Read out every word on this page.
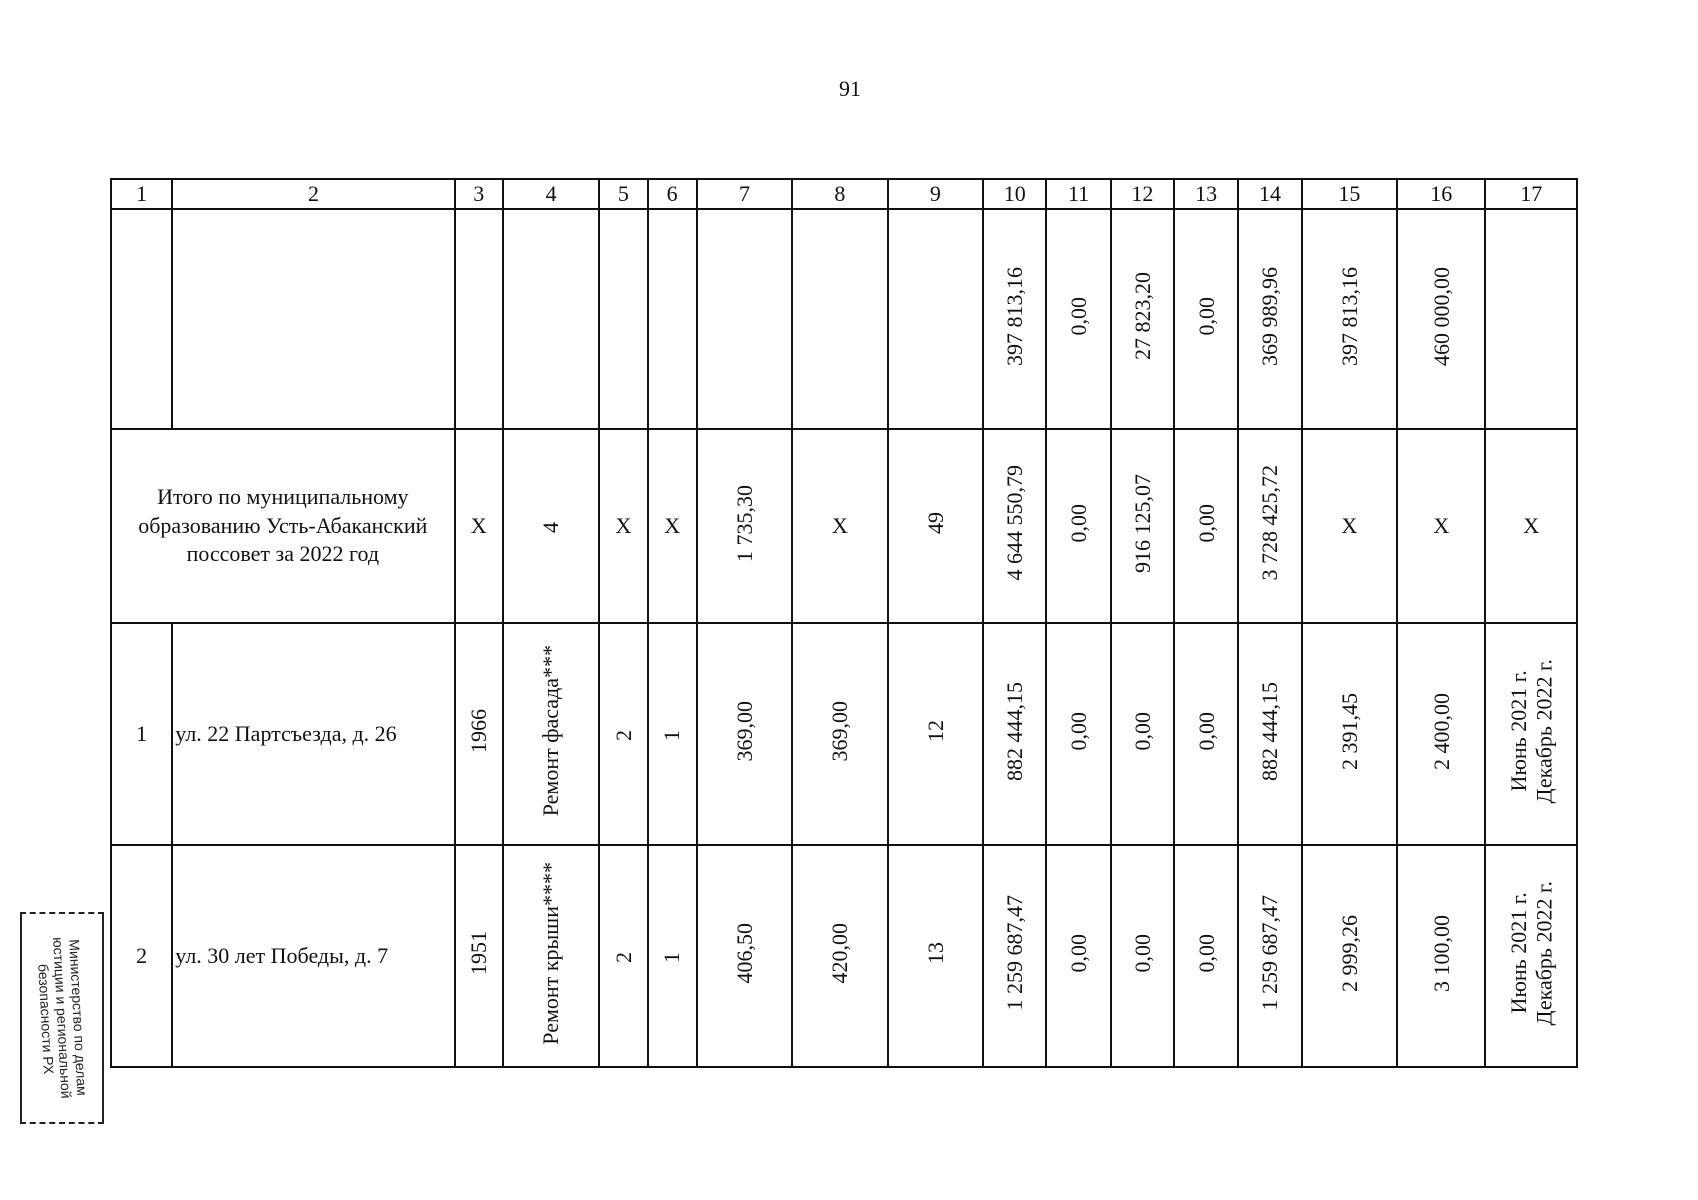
91
1	2	3	4	5	6	7	8	9	10	11	12	13	14	15	16	17
									397 813,16	0,00	27 823,20	0,00	369 989,96	397 813,16	460 000,00	
Итого по муниципальному образованию Усть-Абаканский поссовет за 2022 год		X	4	X	X	1 735,30	X	49	4 644 550,79	0,00	916 125,07	0,00	3 728 425,72	X	X	X
1	ул. 22 Партсъезда, д. 26	1966	Ремонт фасада***	2	1	369,00	369,00	12	882 444,15	0,00	0,00	0,00	882 444,15	2 391,45	2 400,00	Июнь 2021 г.
Декабрь 2022 г.
2	ул. 30 лет Победы, д. 7	1951	Ремонт крыши****	2	1	406,50	420,00	13	1 259 687,47	0,00	0,00	0,00	1 259 687,47	2 999,26	3 100,00	Июнь 2021 г.
Декабрь 2022 г.
Министерство по делам
юстиции и региональной
безопасности РХ
